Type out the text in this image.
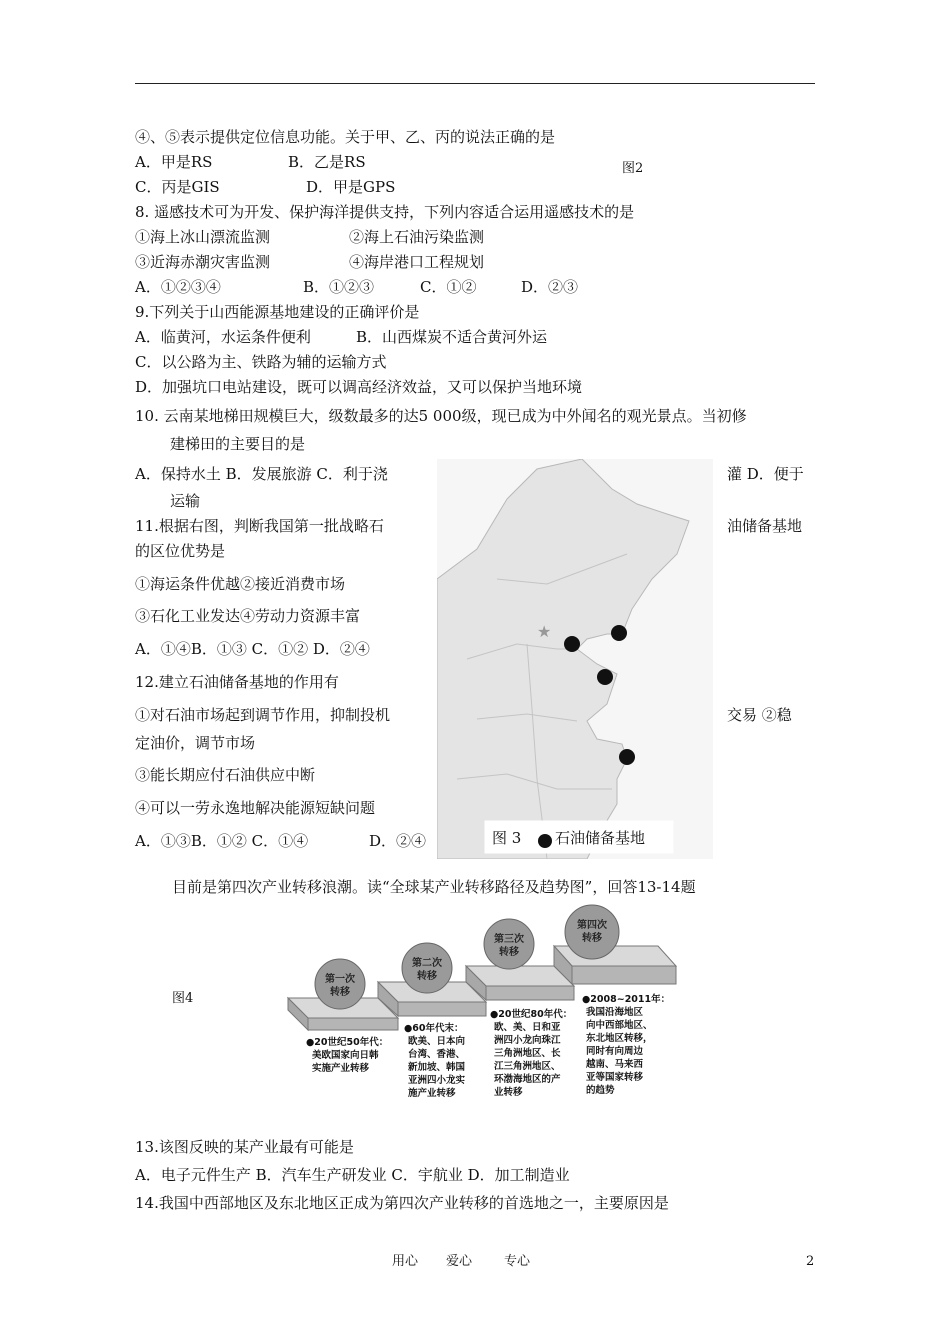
④、⑤表示提供定位信息功能。关于甲、乙、丙的说法正确的是
A．甲是RS	B．乙是RS	图2
C．丙是GIS	D．甲是GPS
8. 遥感技术可为开发、保护海洋提供支持，下列内容适合运用遥感技术的是
①海上冰山漂流监测	②海上石油污染监测
③近海赤潮灾害监测	④海岸港口工程规划
A．①②③④	B．①②③	C．①②	D．②③
9.下列关于山西能源基地建设的正确评价是
A．临黄河，水运条件便利	B．山西煤炭不适合黄河外运
C．以公路为主、铁路为辅的运输方式
D．加强坑口电站建设，既可以调高经济效益，又可以保护当地环境
10. 云南某地梯田规模巨大，级数最多的达5 000级，现已成为中外闻名的观光景点。当初修
建梯田的主要目的是
A．保持水土 B．发展旅游 C．利于浇	灌 D．便于
运输
11.根据右图，判断我国第一批战略石	油储备基地
的区位优势是
①海运条件优越②接近消费市场
③石化工业发达④劳动力资源丰富
A．①④B．①③ C．①② D．②④
12.建立石油储备基地的作用有
①对石油市场起到调节作用，抑制投机	交易 ②稳
定油价，调节市场
③能长期应付石油供应中断
④可以一劳永逸地解决能源短缺问题
A．①③B．①② C．①④	D．②④
目前是第四次产业转移浪潮。读“全球某产业转移路径及趋势图”，回答13-14题
图4
13.该图反映的某产业最有可能是
A．电子元件生产 B．汽车生产研发业 C．宇航业 D．加工制造业
14.我国中西部地区及东北地区正成为第四次产业转移的首选地之一，主要原因是
★
图 3 石油储备基地
第一次
转移
第二次
转移
第三次
转移
第四次
转移
●20世纪50年代：
美欧国家向日韩
实施产业转移
●60年代末：
欧美、日本向
台湾、香港、
新加坡、韩国
亚洲四小龙实
施产业转移
●20世纪80年代：
欧、美、日和亚
洲四小龙向珠江
三角洲地区、长
江三角洲地区、
环渤海地区的产
业转移
●2008~2011年：
我国沿海地区
向中西部地区、
东北地区转移，
同时有向周边
越南、马来西
亚等国家转移
的趋势
用心 爱心 专心	2
